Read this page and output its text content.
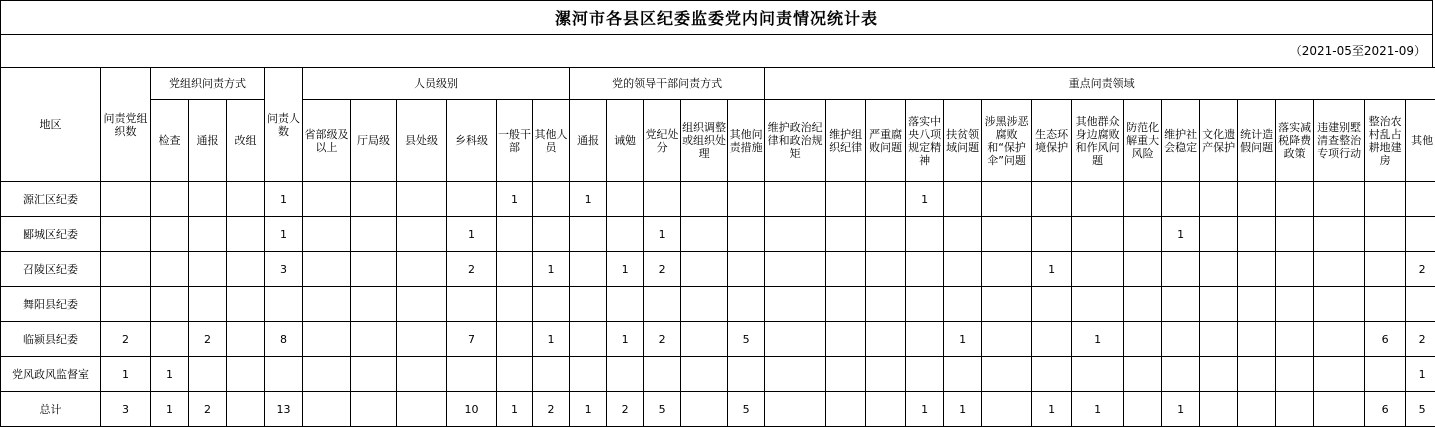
漯河市各县区纪委监委党内问责情况统计表
（2021-05至2021-09）
地区	问责党组织数	党组织问责方式			问责人数	人员级别						党的领导干部问责方式					重点问责领域															
		检查	通报	改组		省部级及以上	厅局级	县处级	乡科级	一般干部	其他人员	通报	诫勉	党纪处分	组织调整或组织处理	其他问责措施	维护政治纪律和政治规矩	维护组织纪律	严重腐败问题	落实中央八项规定精神	扶贫领域问题	涉黑涉恶腐败和“保护伞”问题	生态环境保护	其他群众身边腐败和作风问题	防范化解重大风险	维护社会稳定	文化遗产保护	统计造假问题	落实减税降费政策	违建别墅清查整治专项行动	整治农村乱占耕地建房	其他

源汇区纪委					1					1		1								1												
郾城区纪委					1				1					1												1						
召陵区纪委					3				2		1		1	2									1									2
舞阳县纪委																																
临颍县纪委	2		2		8				7		1		1	2		5					1			1							6	2
党风政风监督室	1	1																														1
总计	3	1	2		13				10	1	2	1	2	5		5				1	1		1	1		1					6	5
